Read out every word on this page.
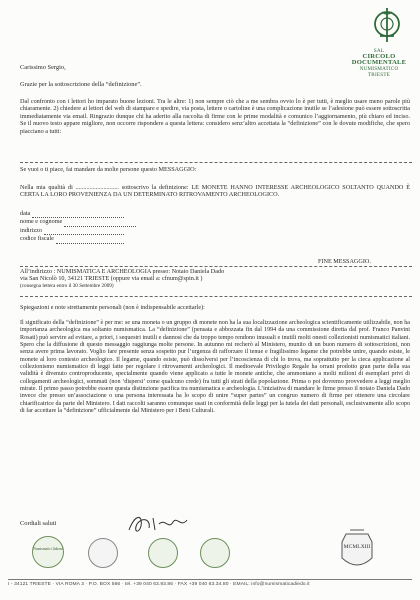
SAL
CIRCOLO DOCUMENTALE
NUMISMATICO
TRIESTE
Carissimo Sergio,
Grazie per la sottoscrizione della “definizione”.
Dal confronto con i lettori ho imparato buone lezioni. Tra le altre: 1) non sempre ciò che a me sembra ovvio lo è per tutti, è meglio usare meno parole più chiaramente. 2) chiedere ai lettori del web di stampare e spedire, via posta, lettere o cartoline è una complicazione inutile se l’adesione può essere sottoscritta immediatamente via email. Ringrazio dunque chi ha aderito alla raccolta di firme con le prime modalità e comunico l’aggiornamento, più chiaro ed inciso. Se il nuovo testo appare migliore, non occorre rispondere a questa lettera: considero senz’altro accettata la “definizione” con le dovute modifiche, che spero piacciano a tutti:
Se vuoi o ti piace, fai mandare da molte persone questo MESSAGGIO:
Nella mia qualità di ............................ sottoscrivo la definizione: LE MONETE HANNO INTERESSE ARCHEOLOGICO SOLTANTO QUANDO È CERTA LA LORO PROVENIENZA DA UN DETERMINATO RITROVAMENTO ARCHEOLOGICO.
data
nome e cognome
indirizzo
codice fiscale
FINE MESSAGGIO.
All’indirizzo : NUMISMATICA E ARCHEOLOGIA presso: Notaio Daniela Dado
via San Nicolò 10, 34121 TRIESTE (oppure via email a: cfnum@spin.it )
(consegna lettera entro il 30 Settembre 2009)
Spiegazioni e note strettamente personali (non è indispensabile accettarle):
Il significato della “definizione” è per me: se una moneta o un gruppo di monete non ha la sua localizzazione archeologica scientificamente utilizzabile, non ha importanza archeologica ma soltanto numismatica. La “definizione” (pensata e abbozzata fin dal 1994 da una commissione diretta dal prof. Franco Panvini Rosati) può servire ad evitare, a priori, i sequestri inutili e dannosi che da troppo tempo rendono inusuali e inutili molti onesti collezionisti numismatici italiani. Spero che la diffusione di questo messaggio raggiunga molte persone. In autunno mi recherò al Ministero, munito di un buon numero di sottoscrizioni, non senza avere prima lavorato. Voglio fare presente senza sospetto pur l’urgenza di rafforzare il tenue e fragilissimo legame che potrebbe unire, quando esiste, le monete al loro contesto archeologico. Il legame, quando esiste, può dissolversi per l’incoscienza di chi lo trova, ma soprattutto per la cieca applicazione al collezionismo numismatico di leggi fatte per regolare i ritrovamenti archeologici. Il medioevale Privilegio Regale ha orrani prodotto gran parte della sua validità è divenuto controproducente, specialmente quando viene applicato a tutte le monete antiche, che ammontano a molti milioni di esemplari privi di collegamenti archeologici, sommati (non ‘dispersi’ come qualcuno crede) fra tutti gli strati della popolazione. Prima o poi dovremo provvedere a leggi meglio mirate. Il primo passo potrebbe essere questa distinzione pacifica tra numismatica e archeologia. L’iniziativa di mandare le firme presso il notaio Daniela Dado invece che presso un’associazione o una persona interessata ha lo scopo di unire “super partes” un congruo numero di firme per ottenere una circolare chiarificatrice da parte del Ministero. I dati raccolti saranno comunque usati in conformità delle leggi per la tutela dei dati personali, esclusivamente allo scopo di far accettare la “definizione” ufficialmente dal Ministero per i Beni Culturali.
Cordiali saluti
Numismatici Italiani	MCMLXIII
I - 34121 TRIESTE · VIA ROMA 3 · P.O. BOX 566 · tel. +39 040 63.93.86 · FAX +39 040 63.34.80 · EMAIL: info@numismaticadiedo.it
